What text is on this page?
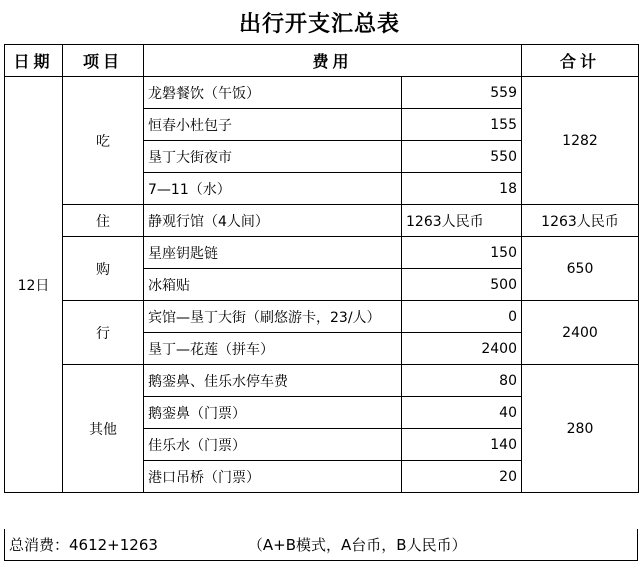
出行开支汇总表
日期	项目	费用		合计
12日	吃	龙磐餐饮（午饭）	559	1282
		恒春小杜包子	155	
		垦丁大街夜市	550	
		7—11（水）	18	
	住	静观行馆（4人间）	1263人民币	1263人民币
	购	星座钥匙链	150	650
		冰箱贴	500	
	行	宾馆—垦丁大街（刷悠游卡，23/人）	0	2400
		垦丁—花莲（拼车）	2400	
	其他	鹅銮鼻、佳乐水停车费	80	280
		鹅銮鼻（门票）	40	
		佳乐水（门票）	140	
		港口吊桥（门票）	20	
总消费：4612+1263	（A+B模式，A台币，B人民币）
